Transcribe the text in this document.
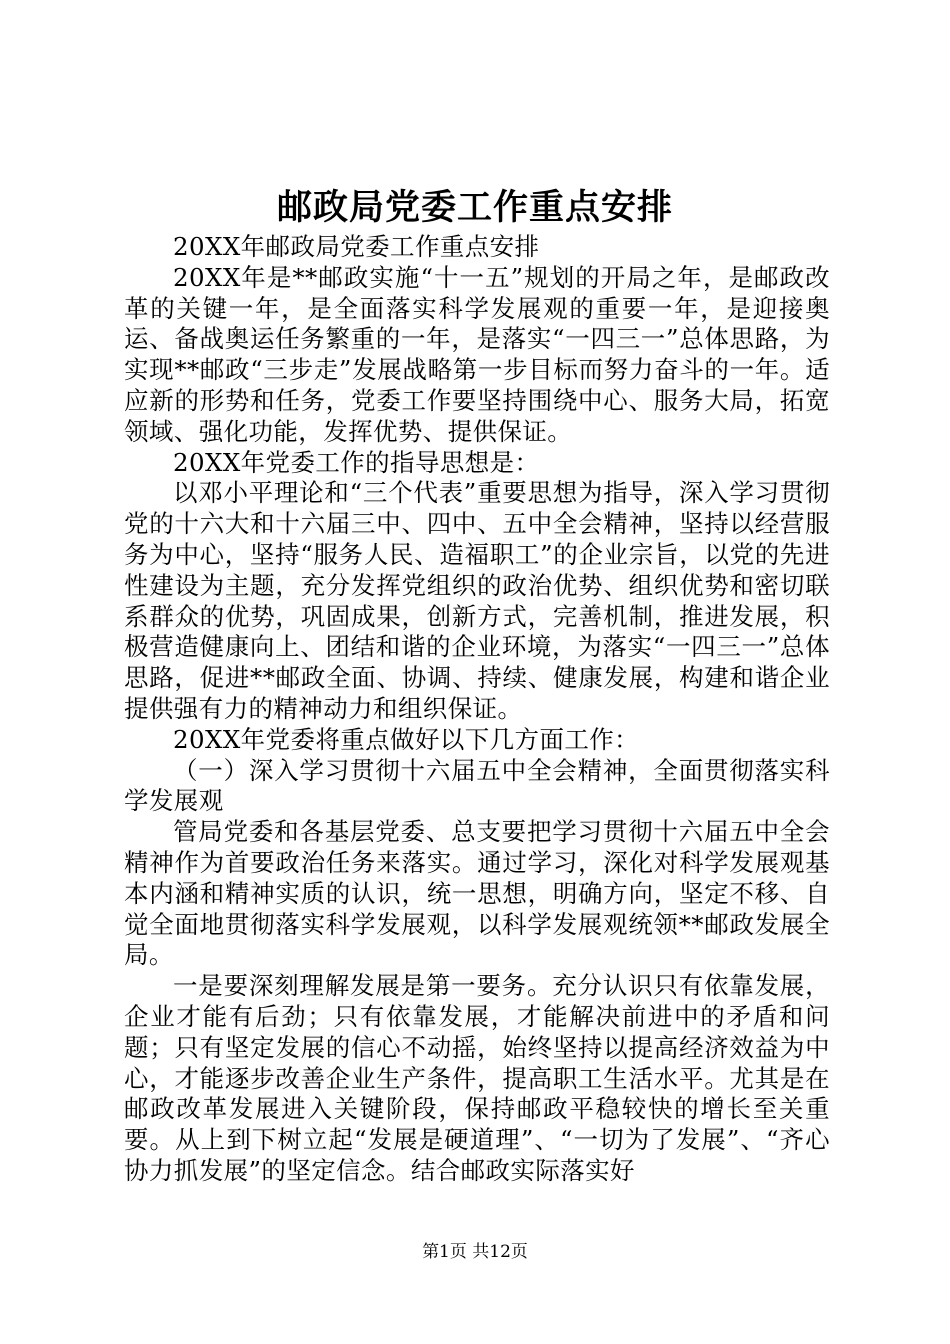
邮政局党委工作重点安排

20XX年邮政局党委工作重点安排

20XX年是**邮政实施“十一五”规划的开局之年，是邮政改革的关键一年，是全面落实科学发展观的重要一年，是迎接奥运、备战奥运任务繁重的一年，是落实“一四三一”总体思路，为实现**邮政“三步走”发展战略第一步目标而努力奋斗的一年。适应新的形势和任务，党委工作要坚持围绕中心、服务大局，拓宽领域、强化功能，发挥优势、提供保证。

20XX年党委工作的指导思想是：

以邓小平理论和“三个代表”重要思想为指导，深入学习贯彻党的十六大和十六届三中、四中、五中全会精神，坚持以经营服务为中心，坚持“服务人民、造福职工”的企业宗旨，以党的先进性建设为主题，充分发挥党组织的政治优势、组织优势和密切联系群众的优势，巩固成果，创新方式，完善机制，推进发展，积极营造健康向上、团结和谐的企业环境，为落实“一四三一”总体思路，促进**邮政全面、协调、持续、健康发展，构建和谐企业提供强有力的精神动力和组织保证。

20XX年党委将重点做好以下几方面工作：

（一）深入学习贯彻十六届五中全会精神，全面贯彻落实科学发展观

管局党委和各基层党委、总支要把学习贯彻十六届五中全会精神作为首要政治任务来落实。通过学习，深化对科学发展观基本内涵和精神实质的认识，统一思想，明确方向，坚定不移、自觉全面地贯彻落实科学发展观，以科学发展观统领**邮政发展全局。

一是要深刻理解发展是第一要务。充分认识只有依靠发展，企业才能有后劲；只有依靠发展，才能解决前进中的矛盾和问题；只有坚定发展的信心不动摇，始终坚持以提高经济效益为中心，才能逐步改善企业生产条件，提高职工生活水平。尤其是在邮政改革发展进入关键阶段，保持邮政平稳较快的增长至关重要。从上到下树立起“发展是硬道理”、“一切为了发展”、“齐心协力抓发展”的坚定信念。结合邮政实际落实好

第1页 共12页
